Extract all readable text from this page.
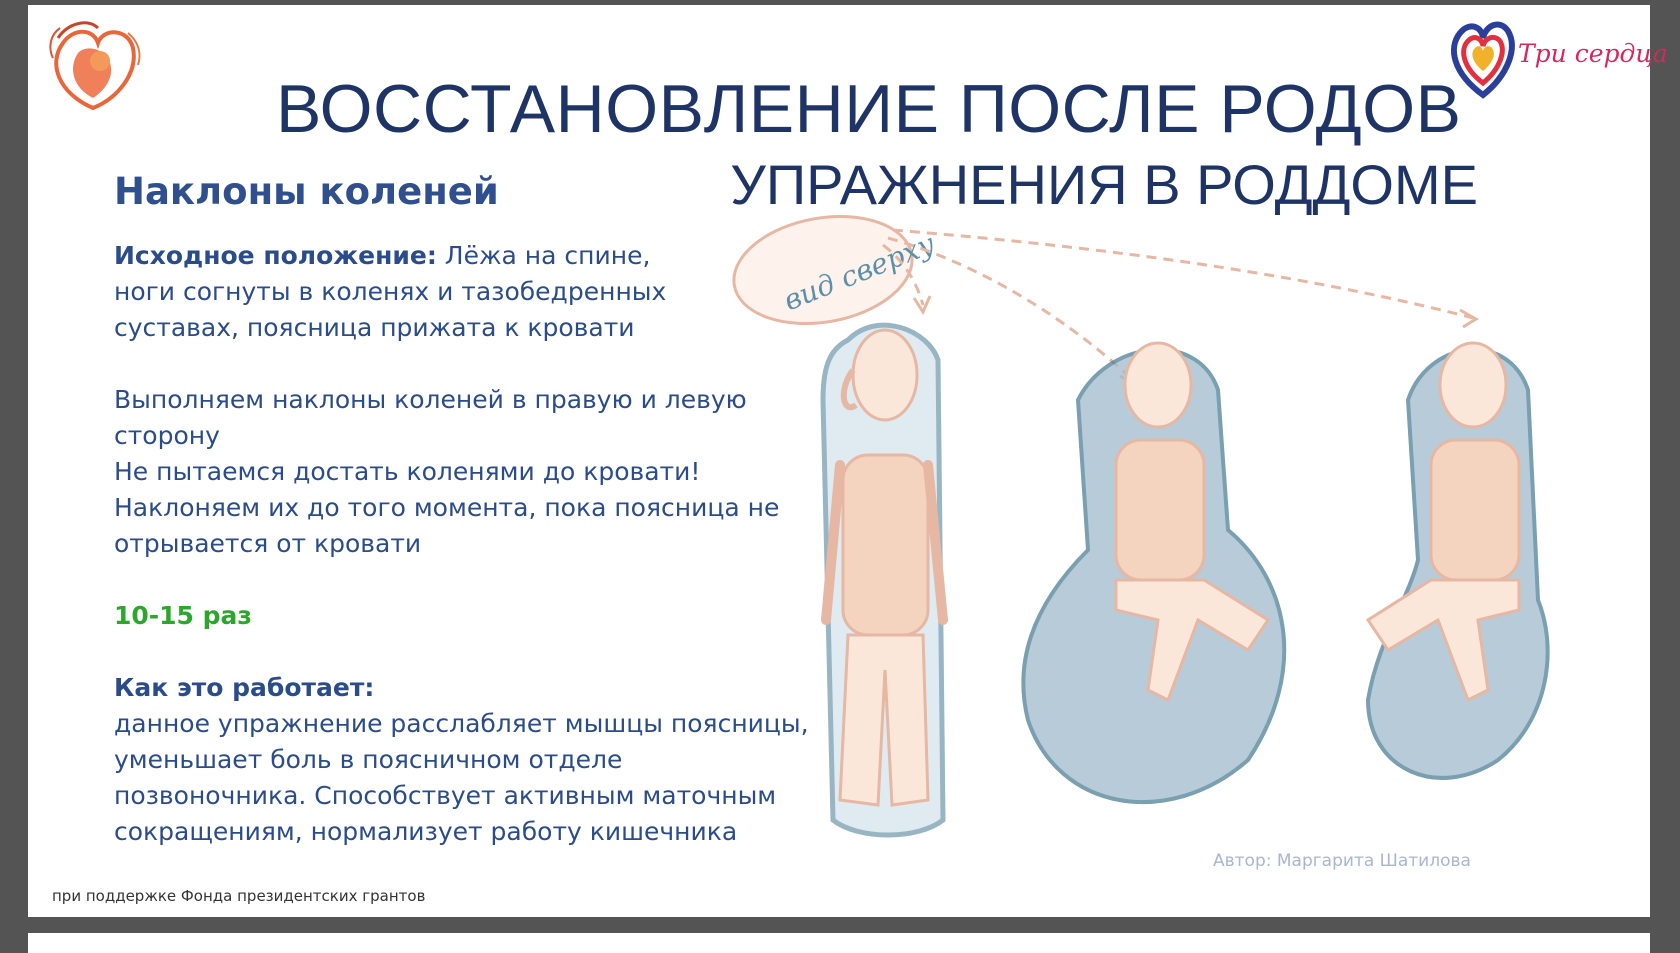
Три сердца
ВОССТАНОВЛЕНИЕ ПОСЛЕ РОДОВ
УПРАЖНЕНИЯ В РОДДОМЕ
Наклоны коленей
Исходное положение: Лёжа на спине,
ноги согнуты в коленях и тазобедренных
суставах, поясница прижата к кровати
Выполняем наклоны коленей в правую и левую
сторону
Не пытаемся достать коленями до кровати!
Наклоняем их до того момента, пока поясница не
отрывается от кровати
10-15 раз
Как это работает:
данное упражнение расслабляет мышцы поясницы,
уменьшает боль в поясничном отделе
позвоночника. Способствует активным маточным
сокращениям, нормализует работу кишечника
вид сверху
Автор: Маргарита Шатилова
при поддержке Фонда президентских грантов
